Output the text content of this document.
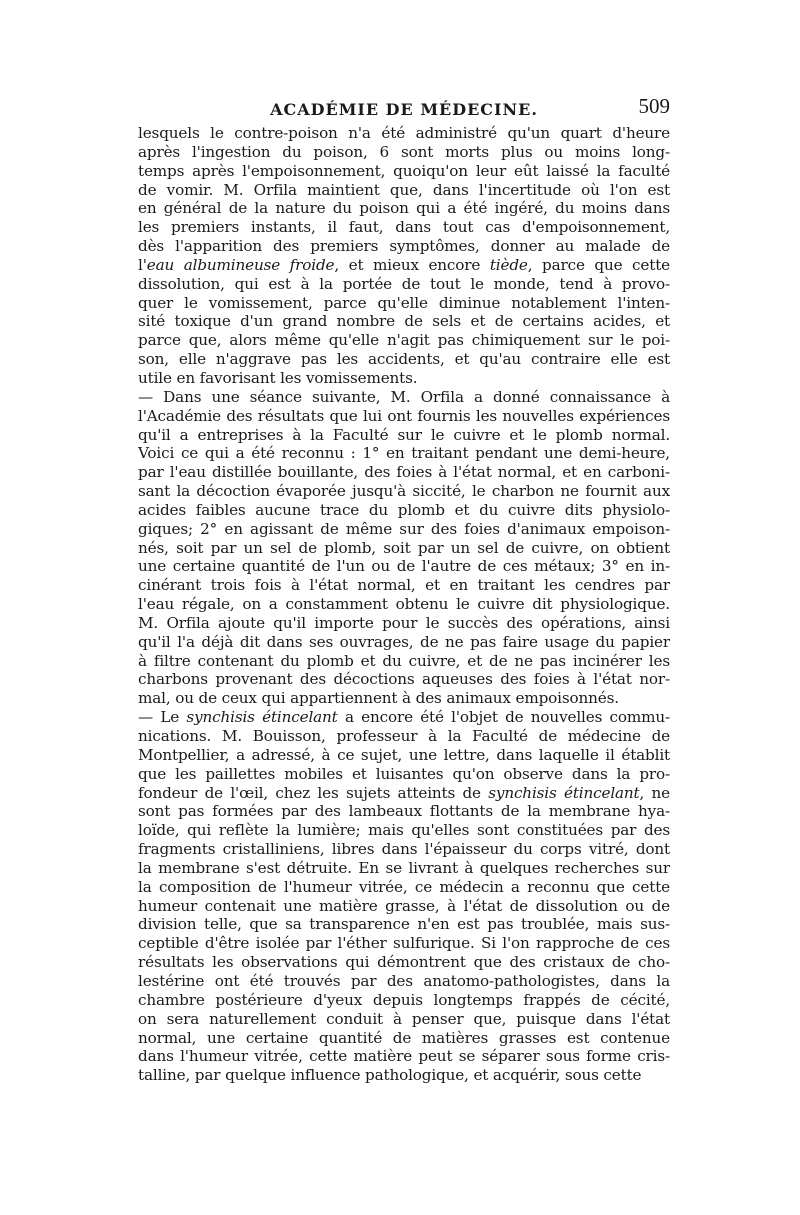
ACADÉMIE DE MÉDECINE.	509

lesquels le contre-poison n'a été administré qu'un quart d'heure
après l'ingestion du poison, 6 sont morts plus ou moins long-
temps après l'empoisonnement, quoiqu'on leur eût laissé la faculté
de vomir. M. Orfila maintient que, dans l'incertitude où l'on est
en général de la nature du poison qui a été ingéré, du moins dans
les premiers instants, il faut, dans tout cas d'empoisonnement,
dès l'apparition des premiers symptômes, donner au malade de
l'eau albumineuse froide, et mieux encore tiède, parce que cette
dissolution, qui est à la portée de tout le monde, tend à provo-
quer le vomissement, parce qu'elle diminue notablement l'inten-
sité toxique d'un grand nombre de sels et de certains acides, et
parce que, alors même qu'elle n'agit pas chimiquement sur le poi-
son, elle n'aggrave pas les accidents, et qu'au contraire elle est
utile en favorisant les vomissements.

— Dans une séance suivante, M. Orfila a donné connaissance à
l'Académie des résultats que lui ont fournis les nouvelles expériences
qu'il a entreprises à la Faculté sur le cuivre et le plomb normal.
Voici ce qui a été reconnu : 1° en traitant pendant une demi-heure,
par l'eau distillée bouillante, des foies à l'état normal, et en carboni-
sant la décoction évaporée jusqu'à siccité, le charbon ne fournit aux
acides faibles aucune trace du plomb et du cuivre dits physiolo-
giques; 2° en agissant de même sur des foies d'animaux empoison-
nés, soit par un sel de plomb, soit par un sel de cuivre, on obtient
une certaine quantité de l'un ou de l'autre de ces métaux; 3° en in-
cinérant trois fois à l'état normal, et en traitant les cendres par
l'eau régale, on a constamment obtenu le cuivre dit physiologique.
M. Orfila ajoute qu'il importe pour le succès des opérations, ainsi
qu'il l'a déjà dit dans ses ouvrages, de ne pas faire usage du papier
à filtre contenant du plomb et du cuivre, et de ne pas incinérer les
charbons provenant des décoctions aqueuses des foies à l'état nor-
mal, ou de ceux qui appartiennent à des animaux empoisonnés.

— Le synchisis étincelant a encore été l'objet de nouvelles commu-
nications. M. Bouisson, professeur à la Faculté de médecine de
Montpellier, a adressé, à ce sujet, une lettre, dans laquelle il établit
que les paillettes mobiles et luisantes qu'on observe dans la pro-
fondeur de l'œil, chez les sujets atteints de synchisis étincelant, ne
sont pas formées par des lambeaux flottants de la membrane hya-
loïde, qui reflète la lumière; mais qu'elles sont constituées par des
fragments cristalliniens, libres dans l'épaisseur du corps vitré, dont
la membrane s'est détruite. En se livrant à quelques recherches sur
la composition de l'humeur vitrée, ce médecin a reconnu que cette
humeur contenait une matière grasse, à l'état de dissolution ou de
division telle, que sa transparence n'en est pas troublée, mais sus-
ceptible d'être isolée par l'éther sulfurique. Si l'on rapproche de ces
résultats les observations qui démontrent que des cristaux de cho-
lestérine ont été trouvés par des anatomo-pathologistes, dans la
chambre postérieure d'yeux depuis longtemps frappés de cécité,
on sera naturellement conduit à penser que, puisque dans l'état
normal, une certaine quantité de matières grasses est contenue
dans l'humeur vitrée, cette matière peut se séparer sous forme cris-
talline, par quelque influence pathologique, et acquérir, sous cette
